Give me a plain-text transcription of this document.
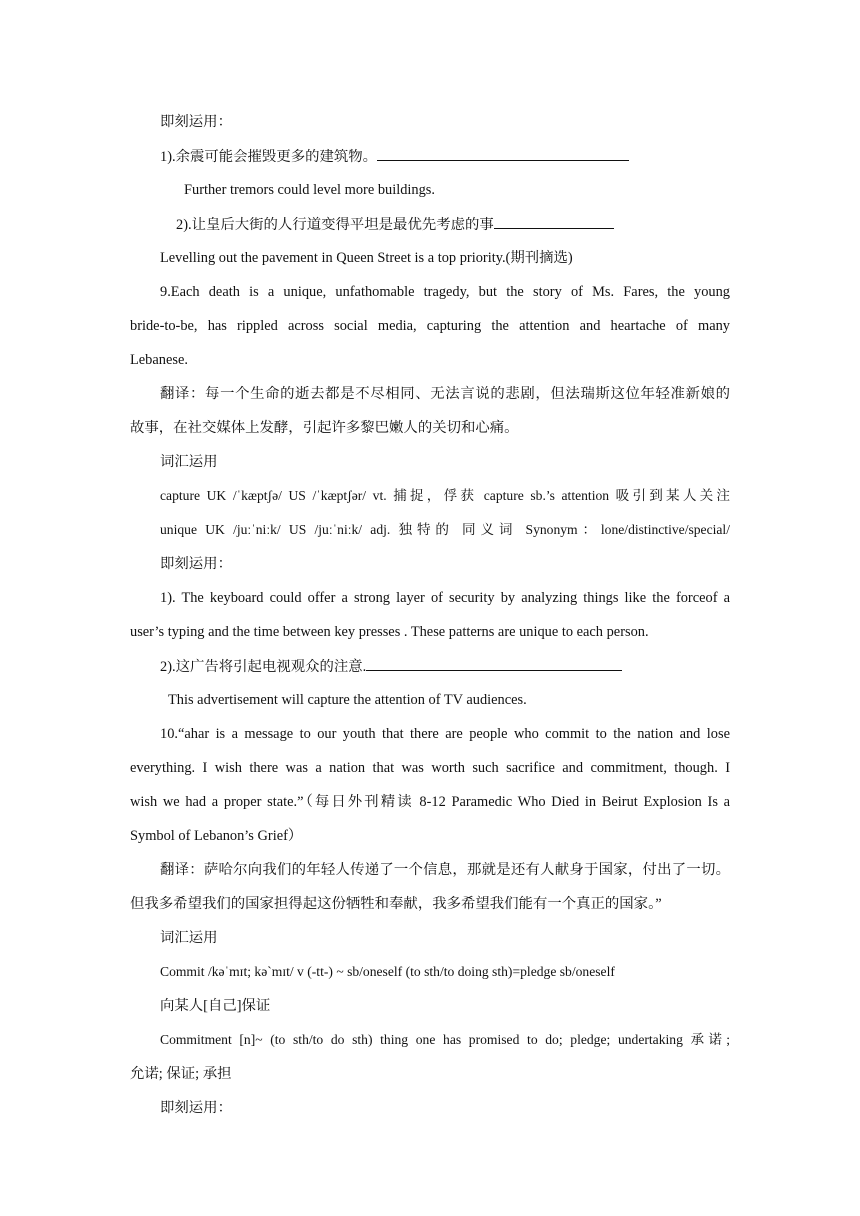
即刻运用：
1).余震可能会摧毁更多的建筑物。
Further tremors could level more buildings.
2).让皇后大街的人行道变得平坦是最优先考虑的事
Levelling out the pavement in Queen Street is a top priority.(期刊摘选)
9.Each death is a unique, unfathomable tragedy, but the story of Ms. Fares, the young
bride-to-be, has rippled across social media, capturing the attention and heartache of many
Lebanese.
翻译：每一个生命的逝去都是不尽相同、无法言说的悲剧，但法瑞斯这位年轻准新娘的
故事，在社交媒体上发酵，引起许多黎巴嫩人的关切和心痛。
词汇运用
capture UK /ˈkæptʃə/ US /ˈkæptʃər/ vt. 捕捉，俘获 capture sb.’s attention 吸引到某人关注
unique UK /juːˈniːk/ US /juːˈniːk/ adj. 独特的 同义词 Synonym：lone/distinctive/special/
即刻运用：
1). The keyboard could offer a strong layer of security by analyzing things like the forceof a
user’s typing and the time between key presses . These patterns are unique to each person.
2).这广告将引起电视观众的注意.
This advertisement will capture the attention of TV audiences.
10.“ahar is a message to our youth that there are people who commit to the nation and lose
everything. I wish there was a nation that was worth such sacrifice and commitment, though. I
wish we had a proper state.”（每日外刊精读 8-12 Paramedic Who Died in Beirut Explosion Is a
Symbol of Lebanon’s Grief）
翻译：萨哈尔向我们的年轻人传递了一个信息，那就是还有人献身于国家，付出了一切。
但我多希望我们的国家担得起这份牺牲和奉献，我多希望我们能有一个真正的国家。”
词汇运用
Commit /kəˈmɪt; kə`mɪt/ v (-tt-) ~ sb/oneself (to sth/to doing sth)=pledge sb/oneself
向某人[自己]保证
Commitment [n]~ (to sth/to do sth) thing one has promised to do; pledge; undertaking 承诺;
允诺; 保证; 承担
即刻运用：
